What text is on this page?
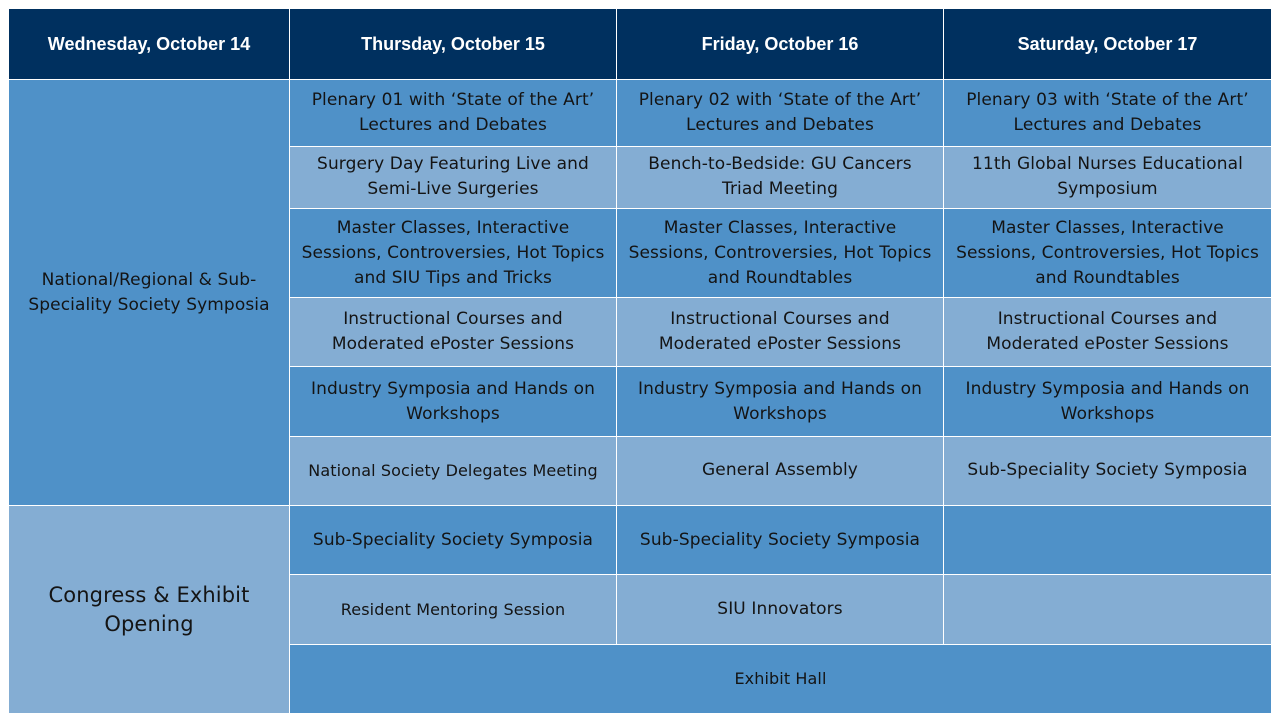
Wednesday, October 14	Thursday, October 15	Friday, October 16	Saturday, October 17
National/Regional & Sub-Speciality Society Symposia	Plenary 01 with ‘State of the Art’ Lectures and Debates	Plenary 02 with ‘State of the Art’ Lectures and Debates	Plenary 03 with ‘State of the Art’ Lectures and Debates
	Surgery Day Featuring Live and Semi-Live Surgeries	Bench-to-Bedside: GU Cancers Triad Meeting	11th Global Nurses Educational Symposium
	Master Classes, Interactive Sessions, Controversies, Hot Topics and SIU Tips and Tricks	Master Classes, Interactive Sessions, Controversies, Hot Topics and Roundtables	Master Classes, Interactive Sessions, Controversies, Hot Topics and Roundtables
	Instructional Courses and Moderated ePoster Sessions	Instructional Courses and Moderated ePoster Sessions	Instructional Courses and Moderated ePoster Sessions
	Industry Symposia and Hands on Workshops	Industry Symposia and Hands on Workshops	Industry Symposia and Hands on Workshops
	National Society Delegates Meeting	General Assembly	Sub-Speciality Society Symposia
Congress & Exhibit Opening	Sub-Speciality Society Symposia	Sub-Speciality Society Symposia	
	Resident Mentoring Session	SIU Innovators	
	Exhibit Hall		
